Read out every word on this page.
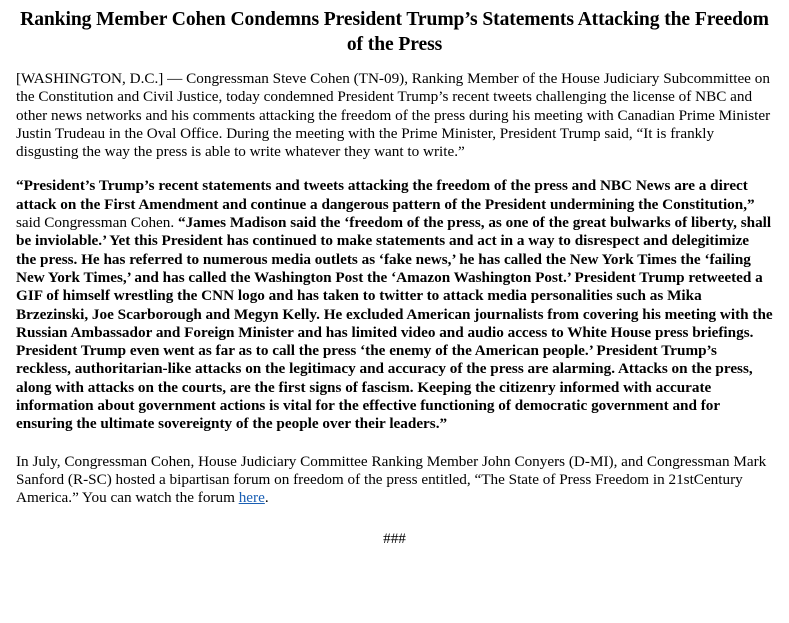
Ranking Member Cohen Condemns President Trump’s Statements Attacking the Freedom of the Press

[WASHINGTON, D.C.] — Congressman Steve Cohen (TN-09), Ranking Member of the House Judiciary Subcommittee on the Constitution and Civil Justice, today condemned President Trump’s recent tweets challenging the license of NBC and other news networks and his comments attacking the freedom of the press during his meeting with Canadian Prime Minister Justin Trudeau in the Oval Office. During the meeting with the Prime Minister, President Trump said, “It is frankly disgusting the way the press is able to write whatever they want to write.”

“President’s Trump’s recent statements and tweets attacking the freedom of the press and NBC News are a direct attack on the First Amendment and continue a dangerous pattern of the President undermining the Constitution,” said Congressman Cohen. “James Madison said the ‘freedom of the press, as one of the great bulwarks of liberty, shall be inviolable.’ Yet this President has continued to make statements and act in a way to disrespect and delegitimize the press. He has referred to numerous media outlets as ‘fake news,’ he has called the New York Times the ‘failing New York Times,’ and has called the Washington Post the ‘Amazon Washington Post.’ President Trump retweeted a GIF of himself wrestling the CNN logo and has taken to twitter to attack media personalities such as Mika Brzezinski, Joe Scarborough and Megyn Kelly. He excluded American journalists from covering his meeting with the Russian Ambassador and Foreign Minister and has limited video and audio access to White House press briefings. President Trump even went as far as to call the press ‘the enemy of the American people.’ President Trump’s reckless, authoritarian-like attacks on the legitimacy and accuracy of the press are alarming. Attacks on the press, along with attacks on the courts, are the first signs of fascism. Keeping the citizenry informed with accurate information about government actions is vital for the effective functioning of democratic government and for ensuring the ultimate sovereignty of the people over their leaders.”

In July, Congressman Cohen, House Judiciary Committee Ranking Member John Conyers (D-MI), and Congressman Mark Sanford (R-SC) hosted a bipartisan forum on freedom of the press entitled, “The State of Press Freedom in 21stCentury America.” You can watch the forum here.

###
